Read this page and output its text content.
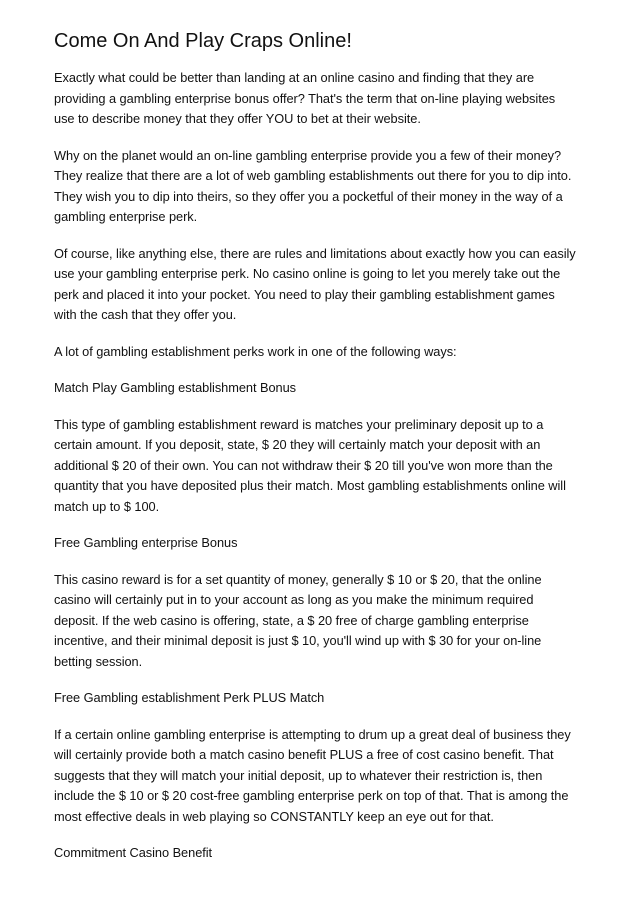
Come On And Play Craps Online!

Exactly what could be better than landing at an online casino and finding that they are
providing a gambling enterprise bonus offer? That's the term that on-line playing websites
use to describe money that they offer YOU to bet at their website.

Why on the planet would an on-line gambling enterprise provide you a few of their money?
They realize that there are a lot of web gambling establishments out there for you to dip into.
They wish you to dip into theirs, so they offer you a pocketful of their money in the way of a
gambling enterprise perk.

Of course, like anything else, there are rules and limitations about exactly how you can easily
use your gambling enterprise perk. No casino online is going to let you merely take out the
perk and placed it into your pocket. You need to play their gambling establishment games
with the cash that they offer you.

A lot of gambling establishment perks work in one of the following ways:

Match Play Gambling establishment Bonus

This type of gambling establishment reward is matches your preliminary deposit up to a
certain amount. If you deposit, state, $ 20 they will certainly match your deposit with an
additional $ 20 of their own. You can not withdraw their $ 20 till you've won more than the
quantity that you have deposited plus their match. Most gambling establishments online will
match up to $ 100.

Free Gambling enterprise Bonus

This casino reward is for a set quantity of money, generally $ 10 or $ 20, that the online
casino will certainly put in to your account as long as you make the minimum required
deposit. If the web casino is offering, state, a $ 20 free of charge gambling enterprise
incentive, and their minimal deposit is just $ 10, you'll wind up with $ 30 for your on-line
betting session.

Free Gambling establishment Perk PLUS Match

If a certain online gambling enterprise is attempting to drum up a great deal of business they
will certainly provide both a match casino benefit PLUS a free of cost casino benefit. That
suggests that they will match your initial deposit, up to whatever their restriction is, then
include the $ 10 or $ 20 cost-free gambling enterprise perk on top of that. That is among the
most effective deals in web playing so CONSTANTLY keep an eye out for that.

Commitment Casino Benefit
